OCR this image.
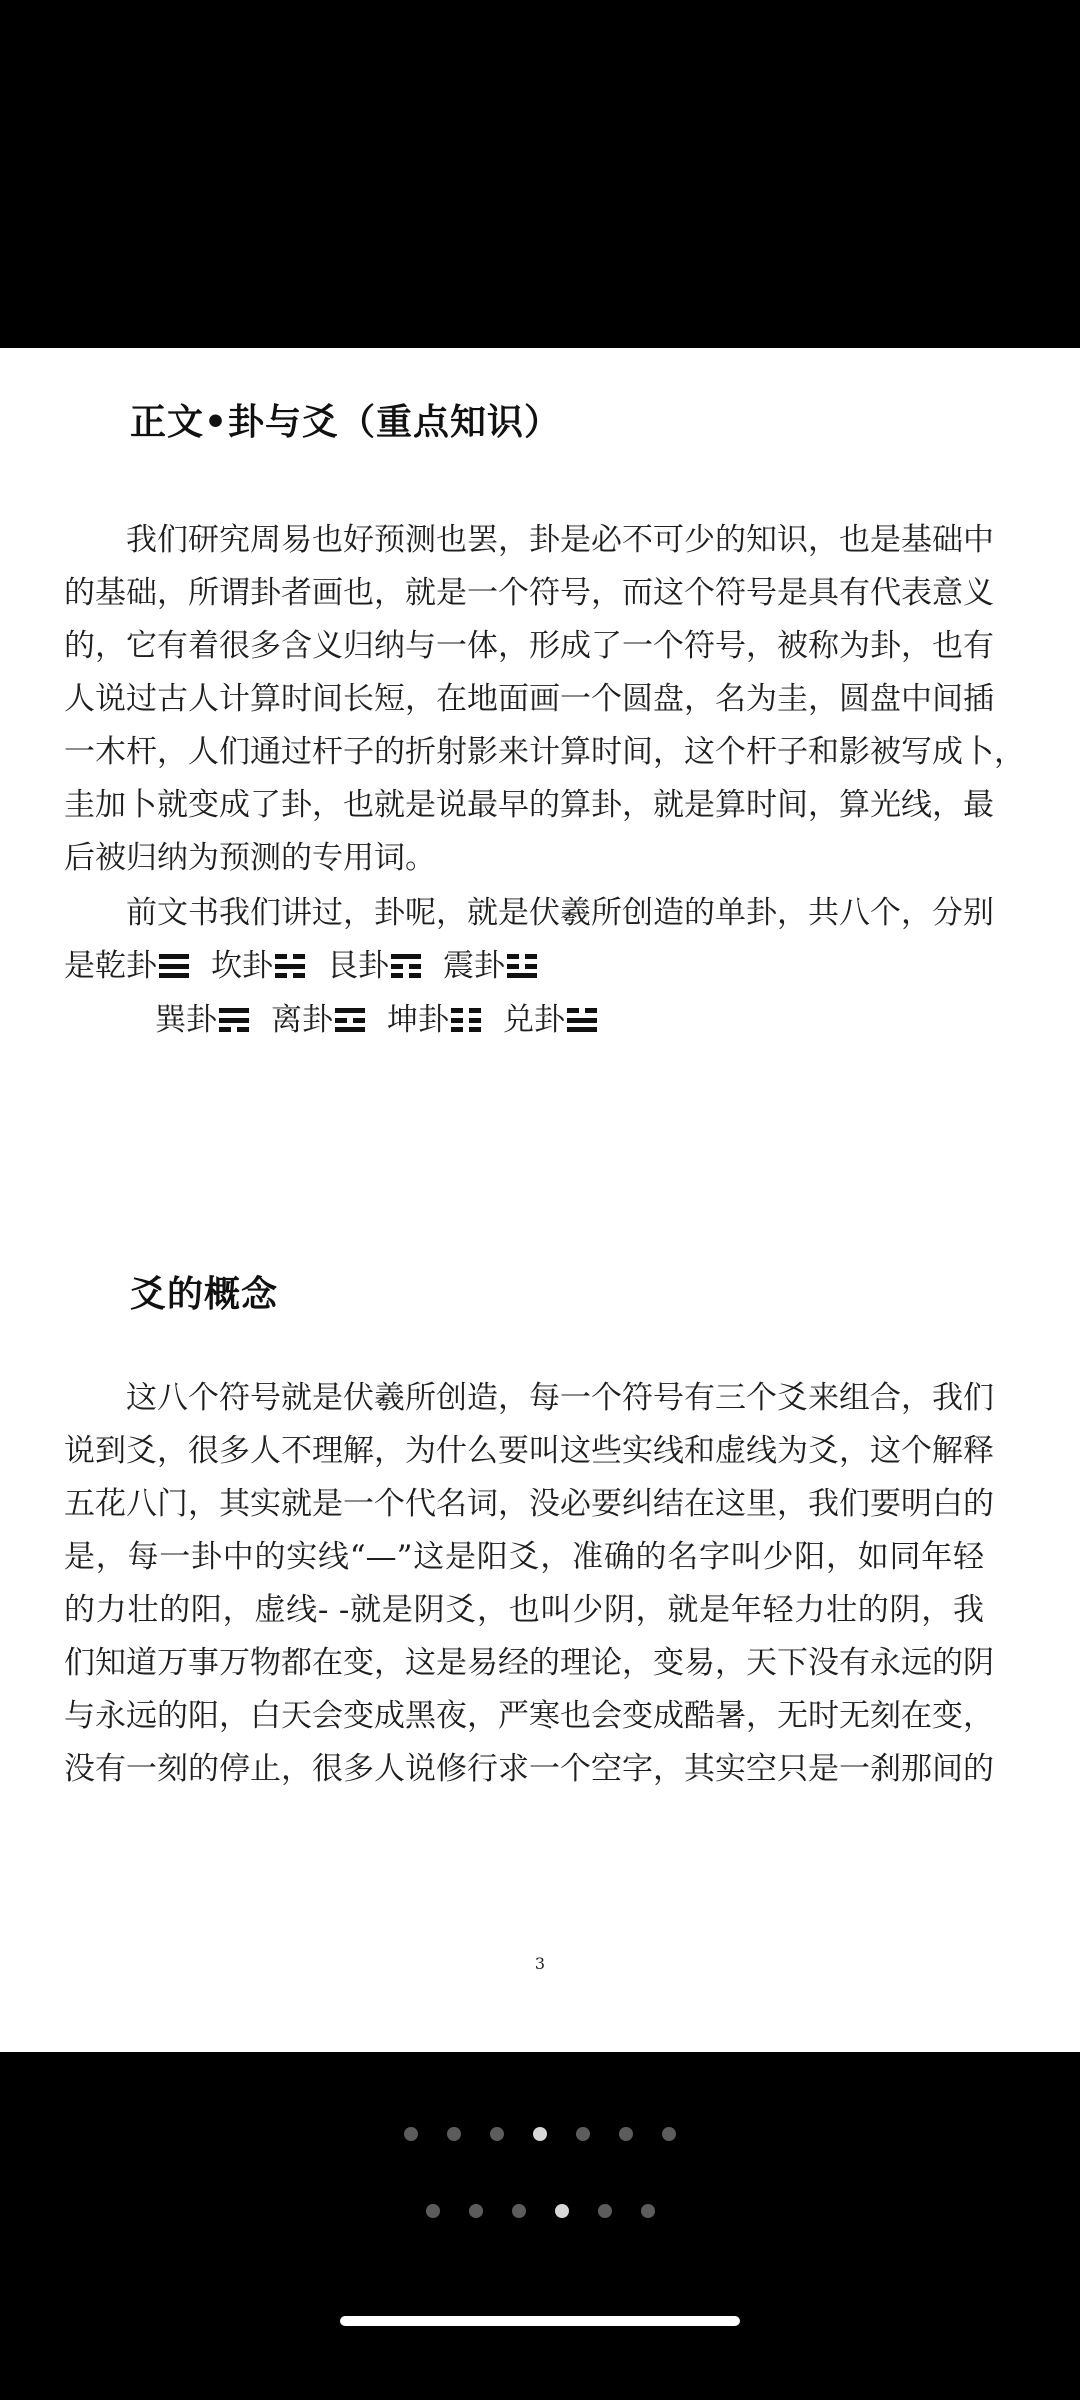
正文•卦与爻（重点知识）
我们研究周易也好预测也罢，卦是必不可少的知识，也是基础中
的基础，所谓卦者画也，就是一个符号，而这个符号是具有代表意义
的，它有着很多含义归纳与一体，形成了一个符号，被称为卦，也有
人说过古人计算时间长短，在地面画一个圆盘，名为圭，圆盘中间插
一木杆，人们通过杆子的折射影来计算时间，这个杆子和影被写成卜，
圭加卜就变成了卦，也就是说最早的算卦，就是算时间，算光线，最
后被归纳为预测的专用词。
前文书我们讲过，卦呢，就是伏羲所创造的单卦，共八个，分别
是 乾卦 坎卦 艮卦 震卦
巽卦 离卦 坤卦 兑卦
爻的概念
这八个符号就是伏羲所创造，每一个符号有三个爻来组合，我们
说到爻，很多人不理解，为什么要叫这些实线和虚线为爻，这个解释
五花八门，其实就是一个代名词，没必要纠结在这里，我们要明白的
是，每一卦中的实线“—”这是阳爻，准确的名字叫少阳，如同年轻
的力壮的阳，虚线- -就是阴爻，也叫少阴，就是年轻力壮的阴，我
们知道万事万物都在变，这是易经的理论，变易，天下没有永远的阴
与永远的阳，白天会变成黑夜，严寒也会变成酷暑，无时无刻在变，
没有一刻的停止，很多人说修行求一个空字，其实空只是一刹那间的
3
